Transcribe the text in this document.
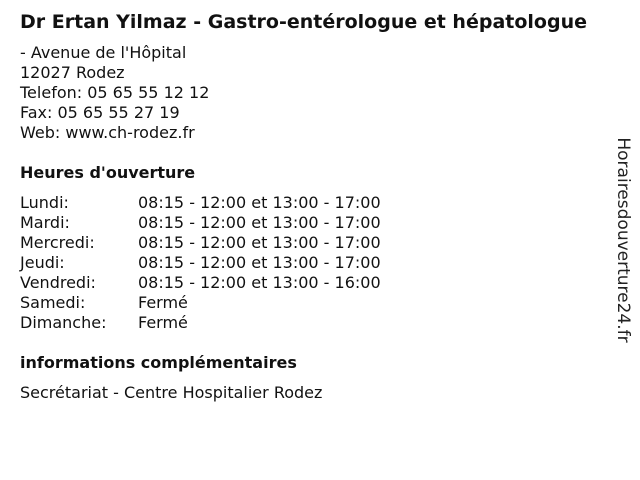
Dr Ertan Yilmaz - Gastro-entérologue et hépatologue
- Avenue de l'Hôpital
12027 Rodez
Telefon: 05 65 55 12 12
Fax: 05 65 55 27 19
Web: www.ch-rodez.fr
Heures d'ouverture
Lundi:	08:15 - 12:00 et 13:00 - 17:00
Mardi:	08:15 - 12:00 et 13:00 - 17:00
Mercredi:	08:15 - 12:00 et 13:00 - 17:00
Jeudi:	08:15 - 12:00 et 13:00 - 17:00
Vendredi:	08:15 - 12:00 et 13:00 - 16:00
Samedi:	Fermé
Dimanche:	Fermé
informations complémentaires
Secrétariat - Centre Hospitalier Rodez
Horairesdouverture24.fr
